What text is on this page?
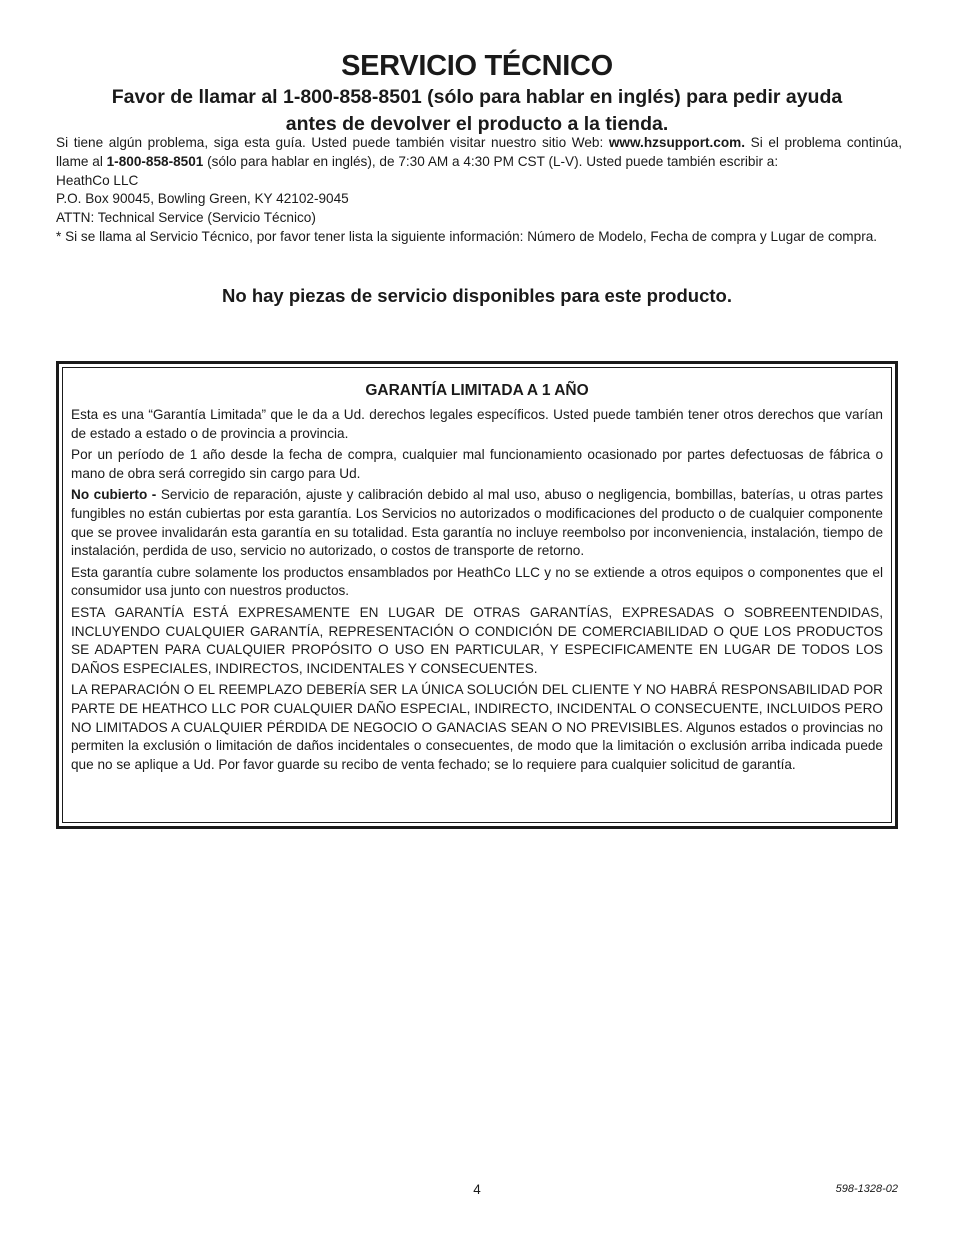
SERVICIO TÉCNICO
Favor de llamar al 1-800-858-8501 (sólo para hablar en inglés) para pedir ayuda
antes de devolver el producto a la tienda.

Si tiene algún problema, siga esta guía. Usted puede también visitar nuestro sitio Web: www.hzsupport.com. Si el problema continúa, llame al 1-800-858-8501 (sólo para hablar en inglés), de 7:30 AM a 4:30 PM CST (L-V). Usted puede también escribir a:

HeathCo LLC

P.O. Box 90045, Bowling Green, KY 42102-9045

ATTN: Technical Service (Servicio Técnico)

* Si se llama al Servicio Técnico, por favor tener lista la siguiente información: Número de Modelo, Fecha de compra y Lugar de compra.

No hay piezas de servicio disponibles para este producto.
GARANTÍA LIMITADA A 1 AÑO

Esta es una “Garantía Limitada” que le da a Ud. derechos legales específicos. Usted puede también tener otros derechos que varían de estado a estado o de provincia a provincia.

Por un período de 1 año desde la fecha de compra, cualquier mal funcionamiento ocasionado por partes defectuosas de fábrica o mano de obra será corregido sin cargo para Ud.

No cubierto - Servicio de reparación, ajuste y calibración debido al mal uso, abuso o negligencia, bombillas, baterías, u otras partes fungibles no están cubiertas por esta garantía. Los Servicios no autorizados o modificaciones del producto o de cualquier componente que se provee invalidarán esta garantía en su totalidad. Esta garantía no incluye reembolso por inconveniencia, instalación, tiempo de instalación, perdida de uso, servicio no autorizado, o costos de transporte de retorno.

Esta garantía cubre solamente los productos ensamblados por HeathCo LLC y no se extiende a otros equipos o componentes que el consumidor usa junto con nuestros productos.

ESTA GARANTÍA ESTÁ EXPRESAMENTE EN LUGAR DE OTRAS GARANTÍAS, EXPRESADAS O SOBREENTENDIDAS, INCLUYENDO CUALQUIER GARANTÍA, REPRESENTACIÓN O CONDICIÓN DE COMERCIABILIDAD O QUE LOS PRODUCTOS SE ADAPTEN PARA CUALQUIER PROPÓSITO O USO EN PARTICULAR, Y ESPECIFICAMENTE EN LUGAR DE TODOS LOS DAÑOS ESPECIALES, INDIRECTOS, INCIDENTALES Y CONSECUENTES.

LA REPARACIÓN O EL REEMPLAZO DEBERÍA SER LA ÚNICA SOLUCIÓN DEL CLIENTE Y NO HABRÁ RESPONSABILIDAD POR PARTE DE HEATHCO LLC POR CUALQUIER DAÑO ESPECIAL, INDIRECTO, INCIDENTAL O CONSECUENTE, INCLUIDOS PERO NO LIMITADOS A CUALQUIER PÉRDIDA DE NEGOCIO O GANACIAS SEAN O NO PREVISIBLES. Algunos estados o provincias no permiten la exclusión o limitación de daños incidentales o consecuentes, de modo que la limitación o exclusión arriba indicada puede que no se aplique a Ud. Por favor guarde su recibo de venta fechado; se lo requiere para cualquier solicitud de garantía.

4	598-1328-02
